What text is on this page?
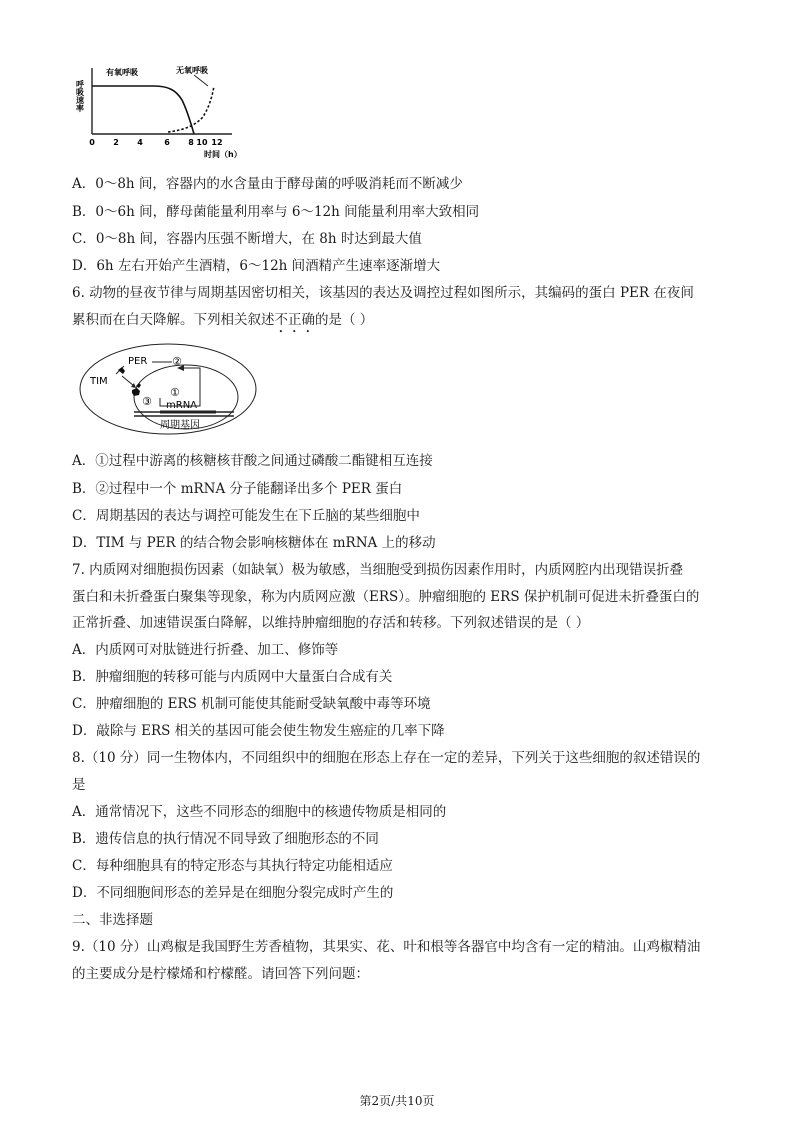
呼吸速率
0 2 4	6 8 10 12
时间（h）
有氧呼吸	无氧呼吸
A．0～8h 间，容器内的水含量由于酵母菌的呼吸消耗而不断减少
B．0～6h 间，酵母菌能量利用率与 6～12h 间能量利用率大致相同
C．0～8h 间，容器内压强不断增大，在 8h 时达到最大值
D．6h 左右开始产生酒精，6～12h 间酒精产生速率逐渐增大
6. 动物的昼夜节律与周期基因密切相关，该基因的表达及调控过程如图所示，其编码的蛋白 PER 在夜间
累积而在白天降解。下列相关叙述不正确的是（ ）
PER ②
TIM
③
①
mRNA
周期基因
A．①过程中游离的核糖核苷酸之间通过磷酸二酯键相互连接
B．②过程中一个 mRNA 分子能翻译出多个 PER 蛋白
C．周期基因的表达与调控可能发生在下丘脑的某些细胞中
D．TIM 与 PER 的结合物会影响核糖体在 mRNA 上的移动
7. 内质网对细胞损伤因素（如缺氧）极为敏感，当细胞受到损伤因素作用时，内质网腔内出现错误折叠
蛋白和未折叠蛋白聚集等现象，称为内质网应激（ERS）。肿瘤细胞的 ERS 保护机制可促进未折叠蛋白的
正常折叠、加速错误蛋白降解，以维持肿瘤细胞的存活和转移。下列叙述错误的是（ ）
A．内质网可对肽链进行折叠、加工、修饰等
B．肿瘤细胞的转移可能与内质网中大量蛋白合成有关
C．肿瘤细胞的 ERS 机制可能使其能耐受缺氧酸中毒等环境
D．敲除与 ERS 相关的基因可能会使生物发生癌症的几率下降
8.（10 分）同一生物体内，不同组织中的细胞在形态上存在一定的差异，下列关于这些细胞的叙述错误的
是
A．通常情况下，这些不同形态的细胞中的核遗传物质是相同的
B．遗传信息的执行情况不同导致了细胞形态的不同
C．每种细胞具有的特定形态与其执行特定功能相适应
D．不同细胞间形态的差异是在细胞分裂完成时产生的
二、非选择题
9.（10 分）山鸡椒是我国野生芳香植物，其果实、花、叶和根等各器官中均含有一定的精油。山鸡椒精油
的主要成分是柠檬烯和柠檬醛。请回答下列问题：
第2页/共10页
